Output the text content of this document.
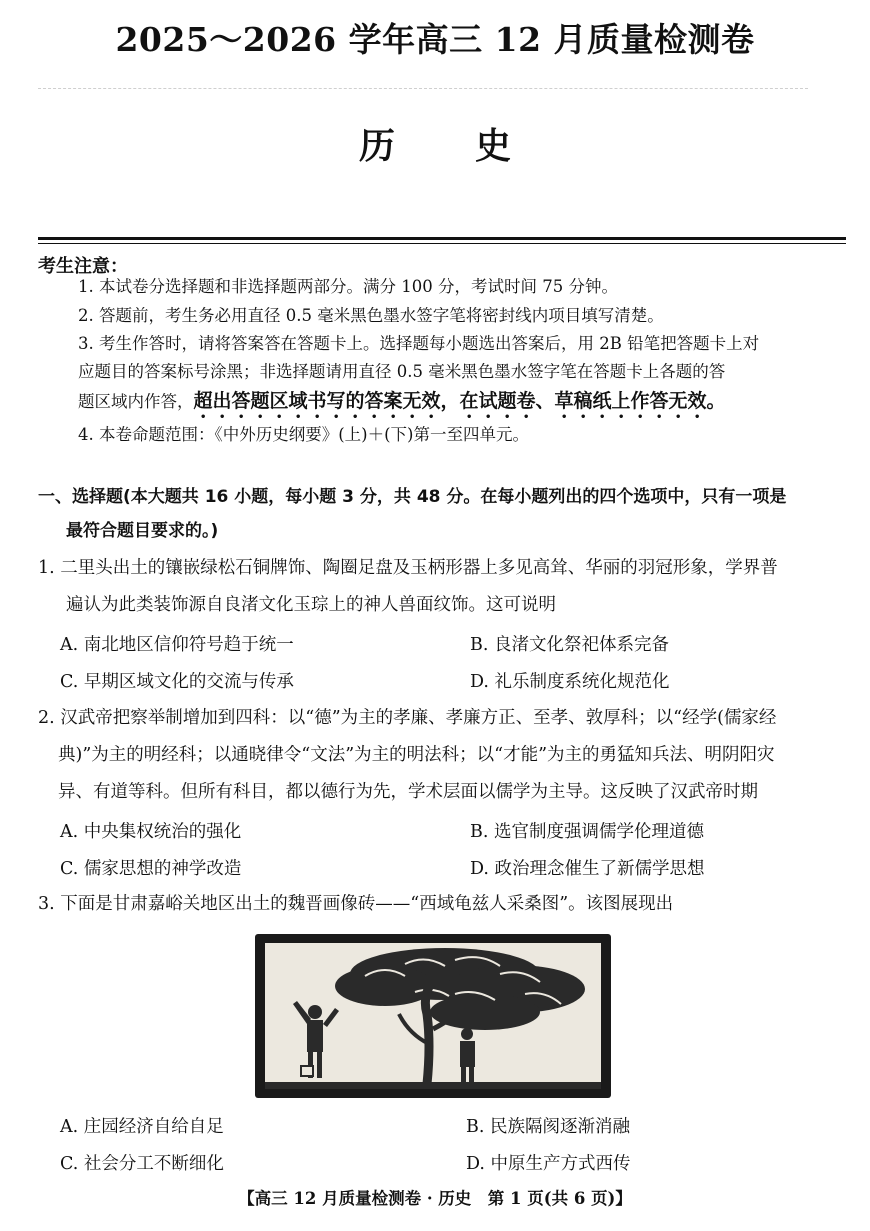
2025～2026 学年高三 12 月质量检测卷
历 史
考生注意：
1. 本试卷分选择题和非选择题两部分。满分 100 分，考试时间 75 分钟。
2. 答题前，考生务必用直径 0.5 毫米黑色墨水签字笔将密封线内项目填写清楚。
3. 考生作答时，请将答案答在答题卡上。选择题每小题选出答案后，用 2B 铅笔把答题卡上对
应题目的答案标号涂黑；非选择题请用直径 0.5 毫米黑色墨水签字笔在答题卡上各题的答
题区域内作答，超出答题区域书写的答案无效，在试题卷、草稿纸上作答无效。
4. 本卷命题范围：《中外历史纲要》(上)＋(下)第一至四单元。
一、选择题(本大题共 16 小题，每小题 3 分，共 48 分。在每小题列出的四个选项中，只有一项是
最符合题目要求的。)
1. 二里头出土的镶嵌绿松石铜牌饰、陶圈足盘及玉柄形器上多见高耸、华丽的羽冠形象，学界普
遍认为此类装饰源自良渚文化玉琮上的神人兽面纹饰。这可说明
A. 南北地区信仰符号趋于统一	B. 良渚文化祭祀体系完备
C. 早期区域文化的交流与传承	D. 礼乐制度系统化规范化
2. 汉武帝把察举制增加到四科：以“德”为主的孝廉、孝廉方正、至孝、敦厚科；以“经学(儒家经
典)”为主的明经科；以通晓律令“文法”为主的明法科；以“才能”为主的勇猛知兵法、明阴阳灾
异、有道等科。但所有科目，都以德行为先，学术层面以儒学为主导。这反映了汉武帝时期
A. 中央集权统治的强化	B. 选官制度强调儒学伦理道德
C. 儒家思想的神学改造	D. 政治理念催生了新儒学思想
3. 下面是甘肃嘉峪关地区出土的魏晋画像砖——“西域龟兹人采桑图”。该图展现出
A. 庄园经济自给自足	B. 民族隔阂逐渐消融
C. 社会分工不断细化	D. 中原生产方式西传
【高三 12 月质量检测卷 · 历史　第 1 页(共 6 页)】
